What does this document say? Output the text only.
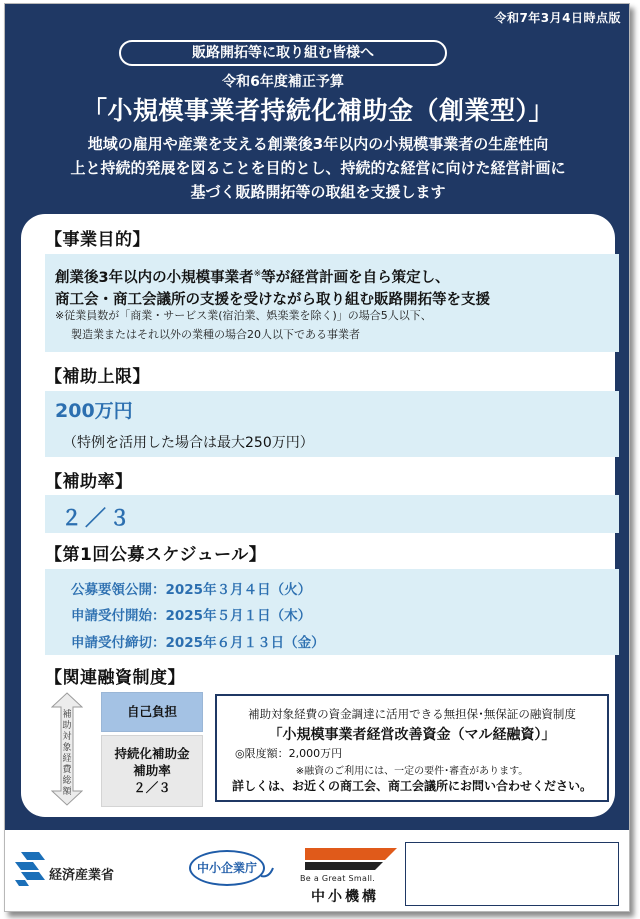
令和7年3月4日時点版
販路開拓等に取り組む皆様へ
令和6年度補正予算
「小規模事業者持続化補助金（創業型）」
地域の雇用や産業を支える創業後3年以内の小規模事業者の生産性向
上と持続的発展を図ることを目的とし、持続的な経営に向けた経営計画に
基づく販路開拓等の取組を支援します
【事業目的】
創業後3年以内の小規模事業者※等が経営計画を自ら策定し、
商工会・商工会議所の支援を受けながら取り組む販路開拓等を支援
※従業員数が「商業・サービス業(宿泊業、娯楽業を除く)」の場合5人以下、
製造業またはそれ以外の業種の場合20人以下である事業者
【補助上限】
200万円
（特例を活用した場合は最大250万円）
【補助率】
２／３
【第1回公募スケジュール】
公募要領公開：2025年３月４日（火）
申請受付開始：2025年５月１日（木）
申請受付締切：2025年６月１３日（金）
【関連融資制度】
補助対象経費総額
自己負担
持続化補助金
補助率
２／３
補助対象経費の資金調達に活用できる無担保･無保証の融資制度
「小規模事業者経営改善資金（マル経融資）」
◎限度額：2,000万円
※融資のご利用には、一定の要件･審査があります。
詳しくは、お近くの商工会、商工会議所にお問い合わせください。
経済産業省	中小企業庁
Be a Great Small.
中小機構
